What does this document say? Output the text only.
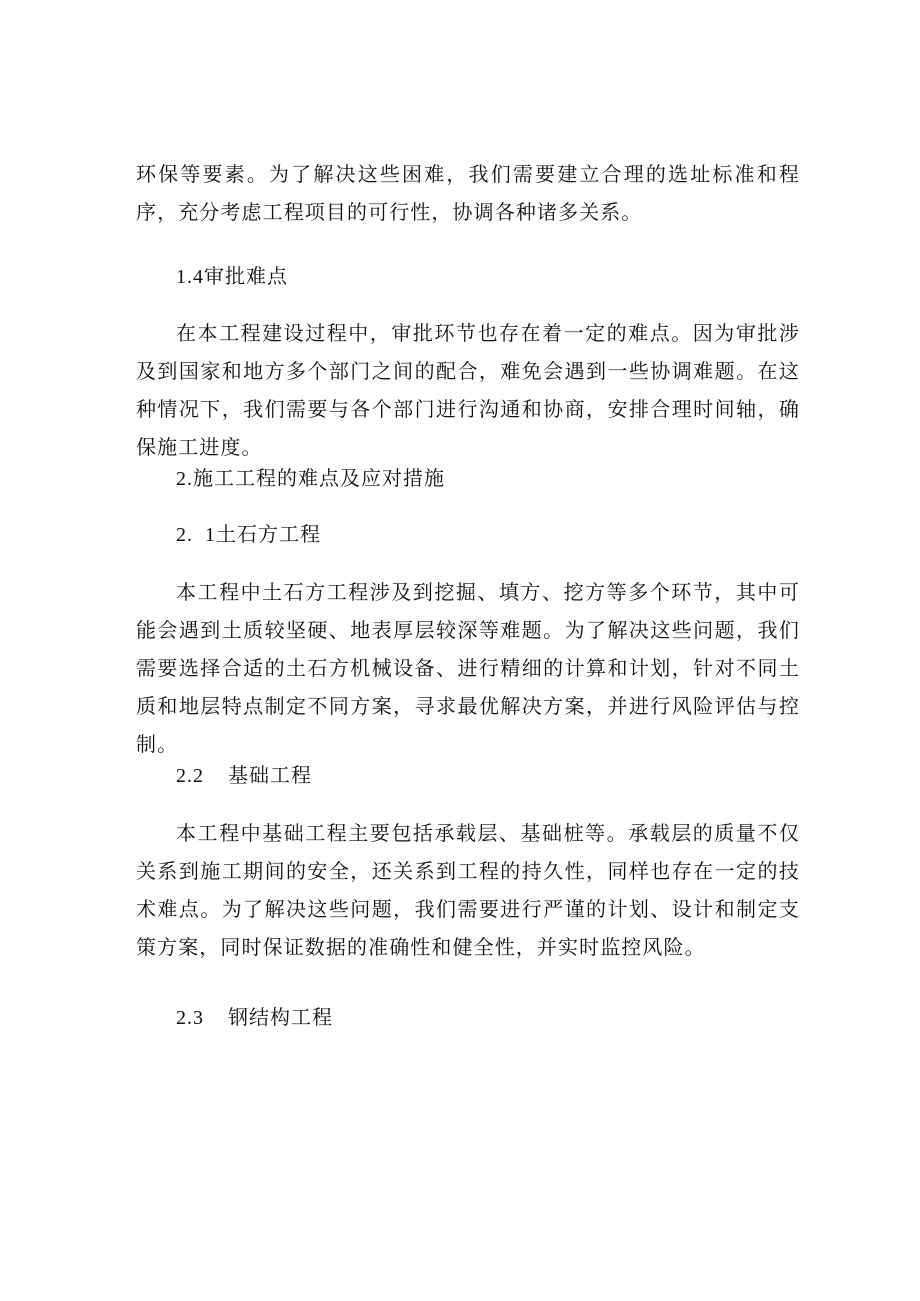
环保等要素。为了解决这些困难，我们需要建立合理的选址标准和程序，充分考虑工程项目的可行性，协调各种诸多关系。

1.4审批难点

在本工程建设过程中，审批环节也存在着一定的难点。因为审批涉及到国家和地方多个部门之间的配合，难免会遇到一些协调难题。在这种情况下，我们需要与各个部门进行沟通和协商，安排合理时间轴，确保施工进度。

2.施工工程的难点及应对措施

2. 1土石方工程

本工程中土石方工程涉及到挖掘、填方、挖方等多个环节，其中可能会遇到土质较坚硬、地表厚层较深等难题。为了解决这些问题，我们需要选择合适的土石方机械设备、进行精细的计算和计划，针对不同土质和地层特点制定不同方案，寻求最优解决方案，并进行风险评估与控制。

2.2 基础工程

本工程中基础工程主要包括承载层、基础桩等。承载层的质量不仅关系到施工期间的安全，还关系到工程的持久性，同样也存在一定的技术难点。为了解决这些问题，我们需要进行严谨的计划、设计和制定支策方案，同时保证数据的准确性和健全性，并实时监控风险。

2.3 钢结构工程
